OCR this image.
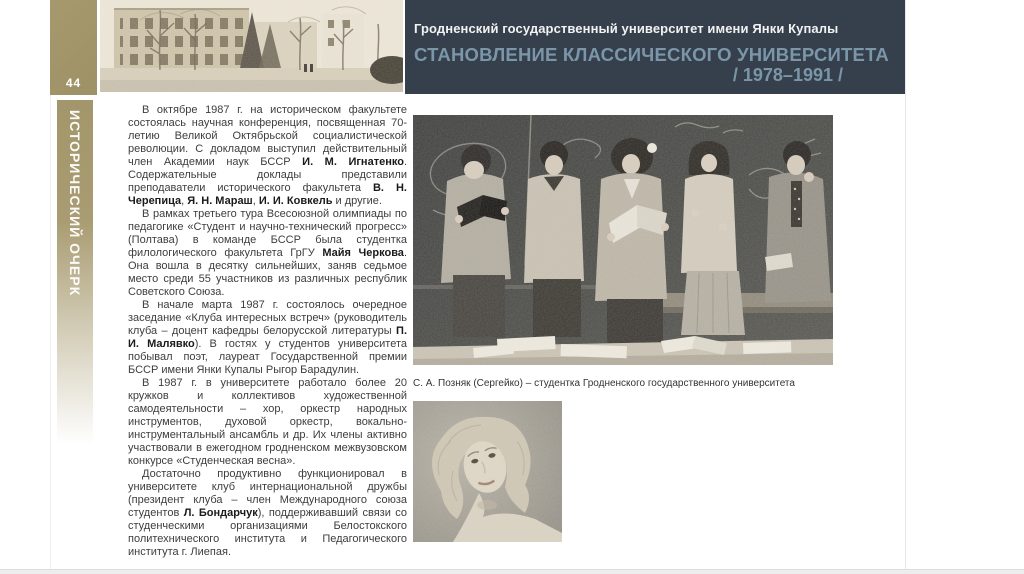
44
Гродненский государственный университет имени Янки Купалы
СТАНОВЛЕНИЕ КЛАССИЧЕСКОГО УНИВЕРСИТЕТА
/ 1978–1991 /
ИСТОРИЧЕСКИЙ ОЧЕРК	В октябре 1987 г. на историческом факультете состоялась научная конференция, посвященная 70-летию Великой Октябрьской социалистической революции. С докладом выступил действительный член Академии наук БССР И. М. Игнатенко. Содержательные доклады представили преподаватели исторического факультета В. Н. Черепица, Я. Н. Мараш, И. И. Ковкель и другие.

В рамках третьего тура Всесоюзной олимпиады по педагогике «Студент и научно-технический прогресс» (Полтава) в команде БССР была студентка филологического факультета ГрГУ Майя Черкова. Она вошла в десятку сильнейших, заняв седьмое место среди 55 участников из различных республик Советского Союза.

В начале марта 1987 г. состоялось очередное заседание «Клуба интересных встреч» (руководитель клуба – доцент кафедры белорусской литературы П. И. Малявко). В гостях у студентов университета побывал поэт, лауреат Государственной премии БССР имени Янки Купалы Рыгор Барадулин.

В 1987 г. в университете работало более 20 кружков и коллективов художественной самодеятельности – хор, оркестр народных инструментов, духовой оркестр, вокально-инструментальный ансамбль и др. Их члены активно участвовали в ежегодном гродненском межвузовском конкурсе «Студенческая весна».

Достаточно продуктивно функционировал в университете клуб интернациональной дружбы (президент клуба – член Международного союза студентов Л. Бондарчук), поддерживавший связи со студенческими организациями Белостокского политехнического института и Педагогического института г. Лиепая.

С. А. Позняк (Сергейко) – студентка Гродненского государственного университета
